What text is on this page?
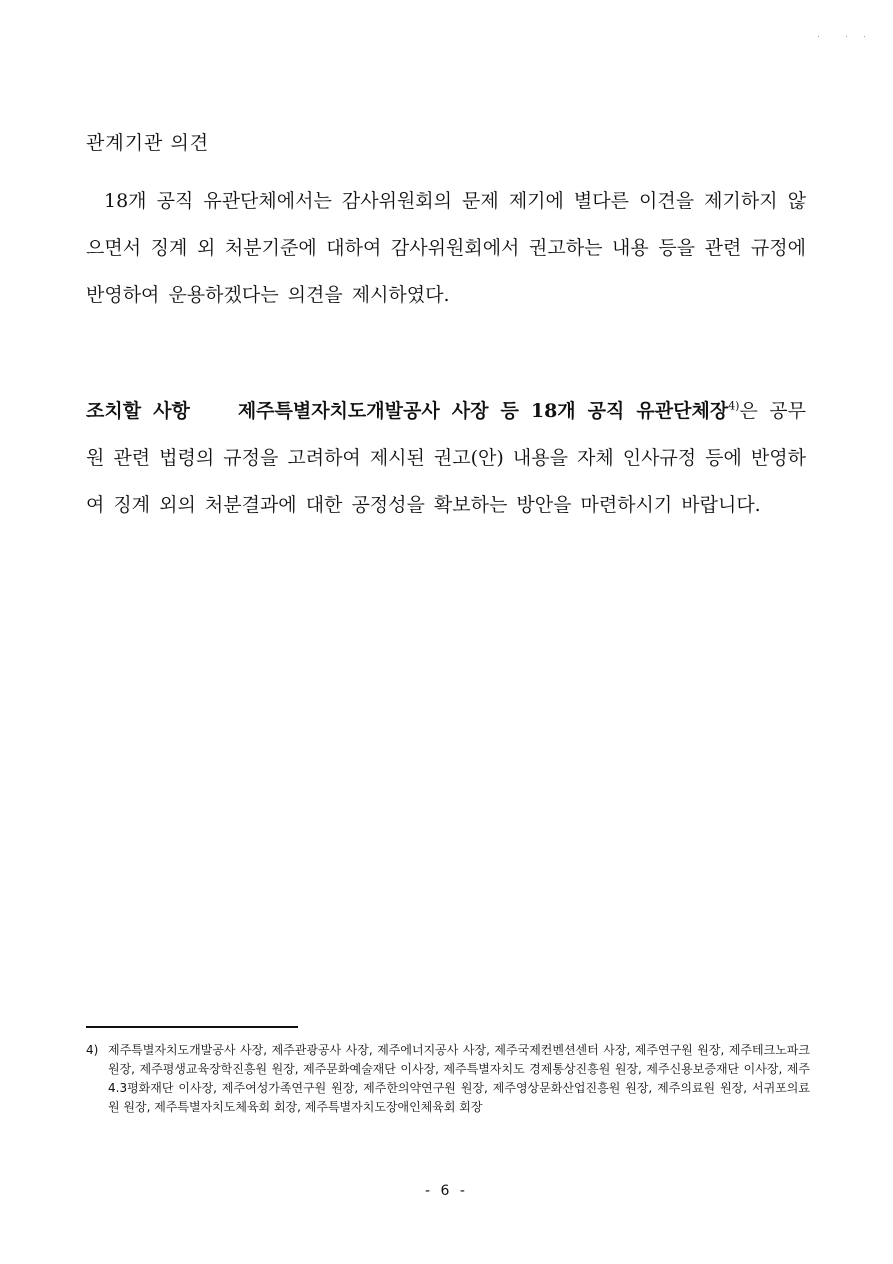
관계기관 의견

18개 공직 유관단체에서는 감사위원회의 문제 제기에 별다른 이견을 제기하지 않으면서 징계 외 처분기준에 대하여 감사위원회에서 권고하는 내용 등을 관련 규정에 반영하여 운용하겠다는 의견을 제시하였다.

조치할 사항	제주특별자치도개발공사 사장 등 18개 공직 유관단체장$^{4)}$은 공무원 관련 법령의 규정을 고려하여 제시된 권고(안) 내용을 자체 인사규정 등에 반영하여 징계 외의 처분결과에 대한 공정성을 확보하는 방안을 마련하시기 바랍니다.

4) 제주특별자치도개발공사 사장, 제주관광공사 사장, 제주에너지공사 사장, 제주국제컨벤션센터 사장, 제주연구원 원장, 제주테크노파크 원장, 제주평생교육장학진흥원 원장, 제주문화예술재단 이사장, 제주특별자치도 경제통상진흥원 원장, 제주신용보증재단 이사장, 제주4.3평화재단 이사장, 제주여성가족연구원 원장, 제주한의약연구원 원장, 제주영상문화산업진흥원 원장, 제주의료원 원장, 서귀포의료원 원장, 제주특별자치도체육회 회장, 제주특별자치도장애인체육회 회장
- 6 -
